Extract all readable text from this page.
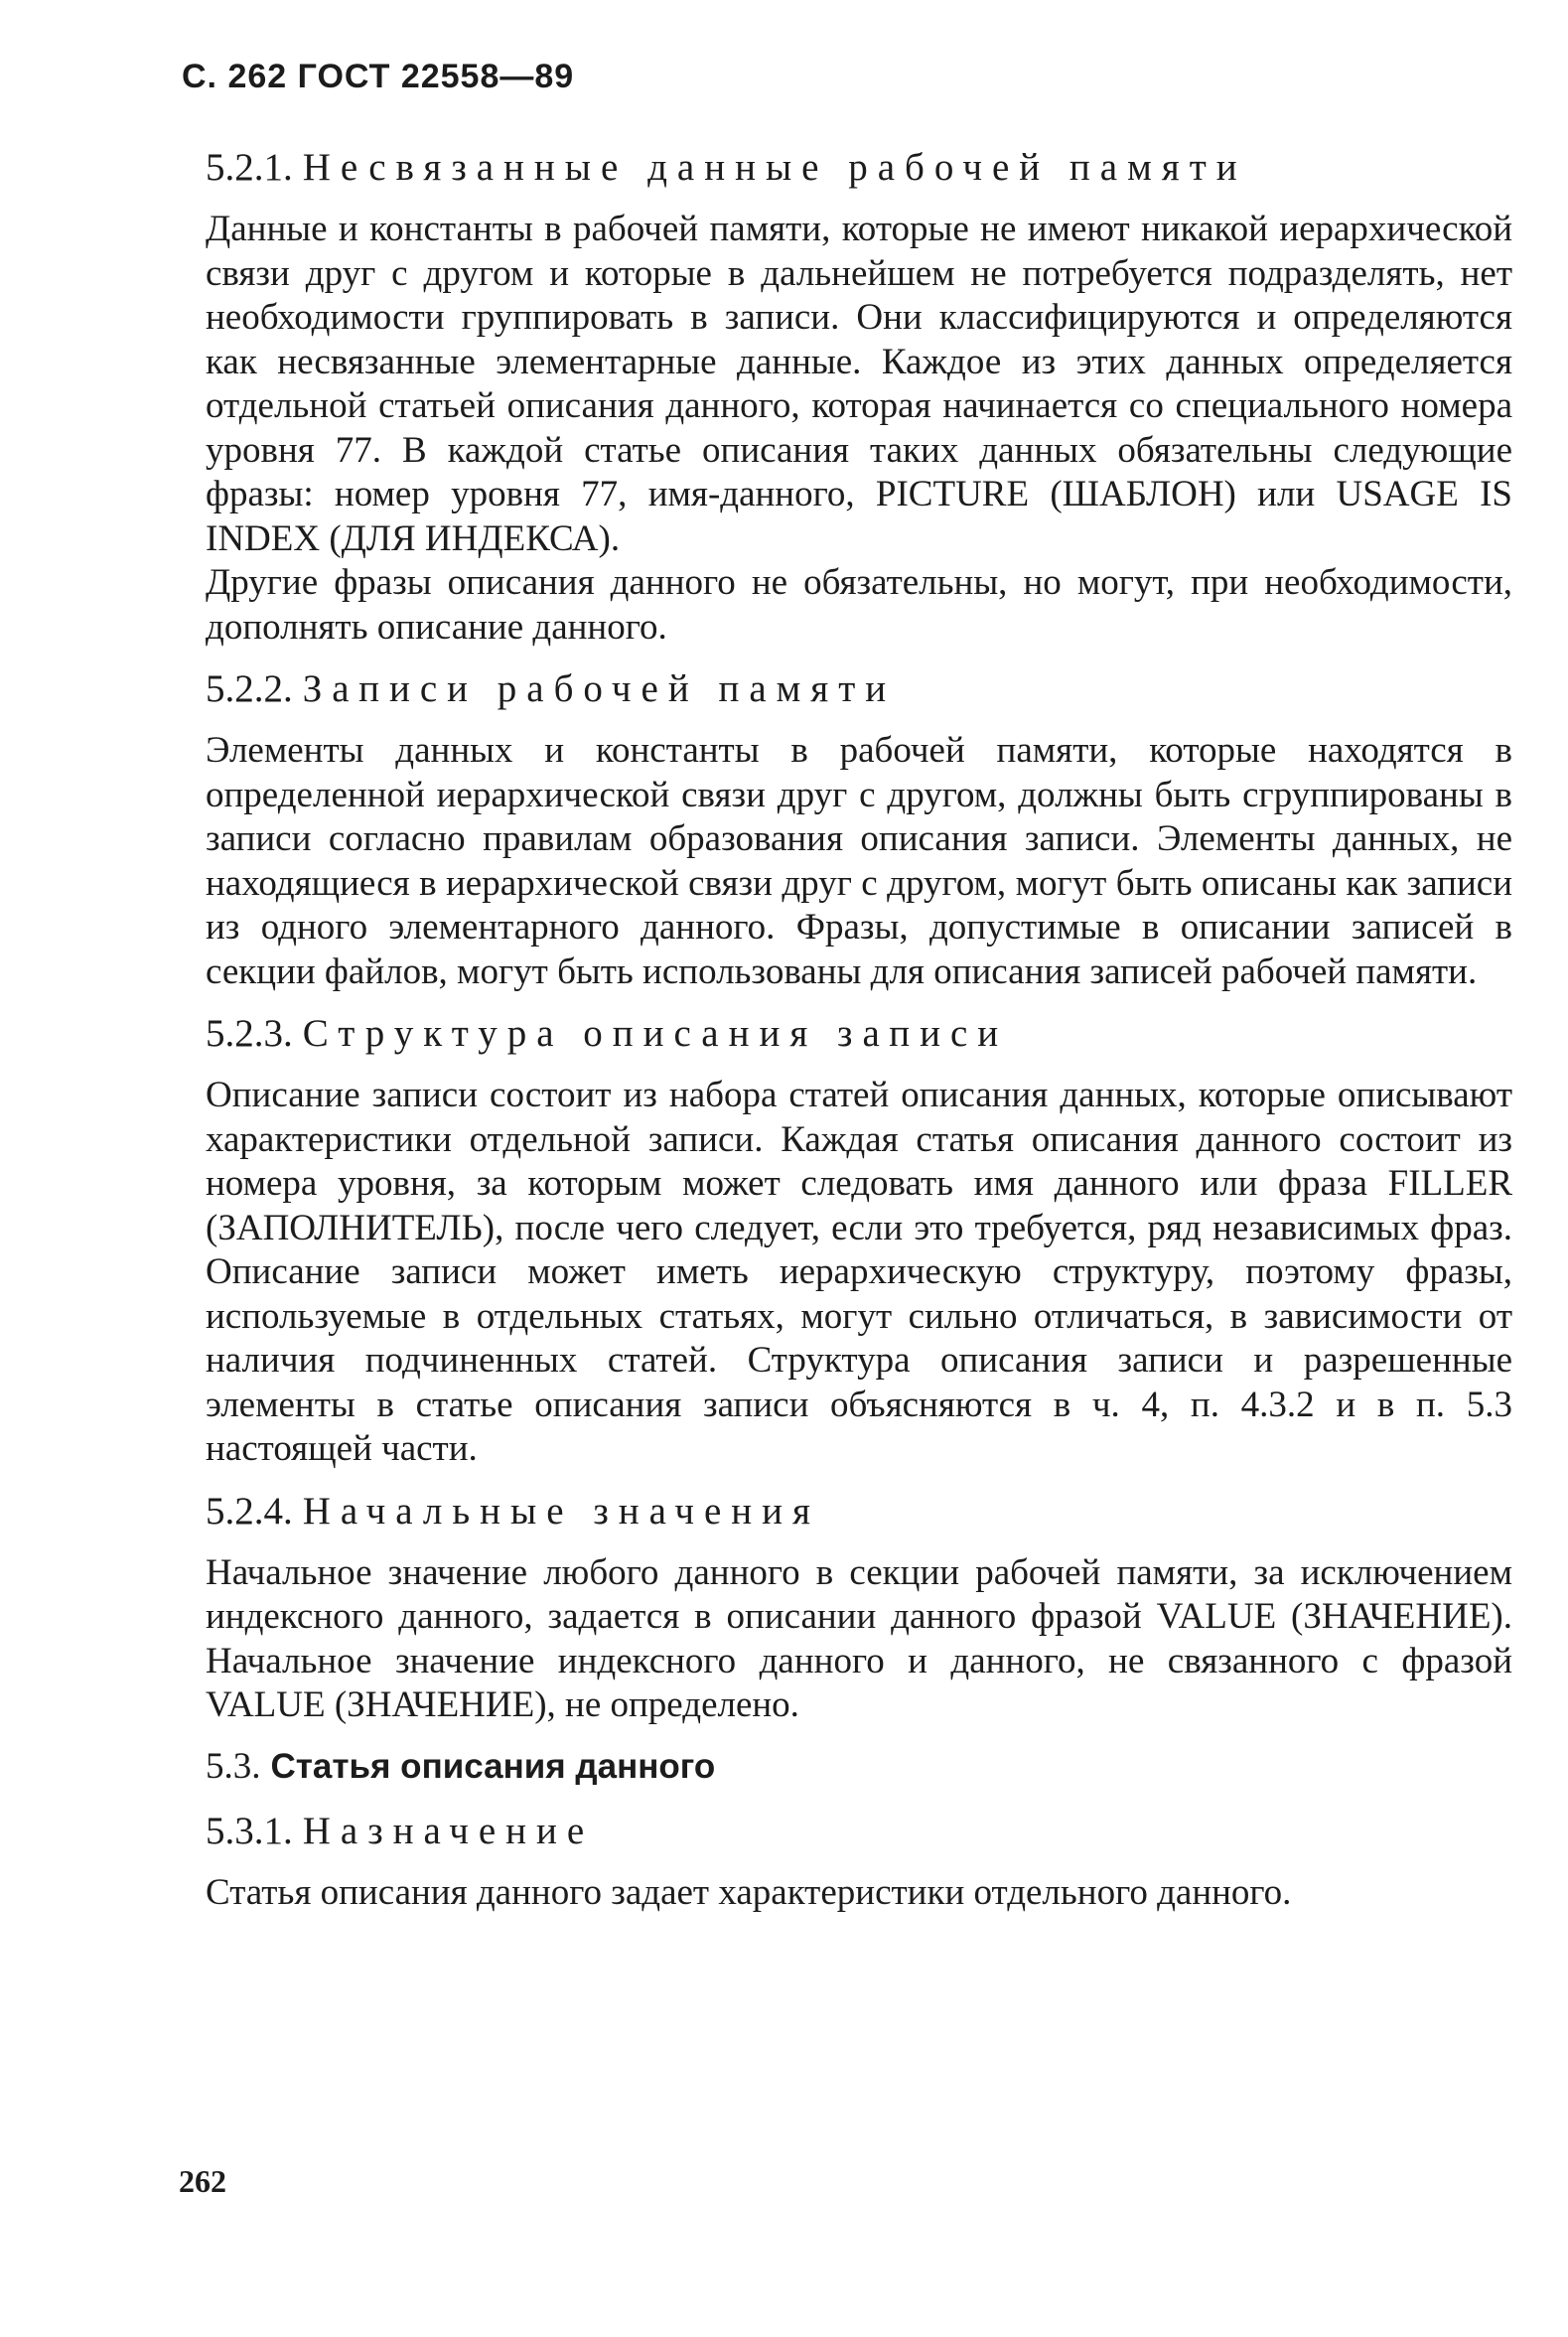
С. 262 ГОСТ 22558—89
5.2.1. Несвязанные данные рабочей памяти

Данные и константы в рабочей памяти, которые не имеют никакой иерархической связи друг с другом и которые в дальнейшем не потребуется подразделять, нет необходимости группировать в записи. Они классифицируются и определяются как несвязанные элементарные данные. Каждое из этих данных определяется отдельной статьей описания данного, которая начинается со специального номера уровня 77. В каждой статье описания таких данных обязательны следующие фразы: номер уровня 77, имя-данного, PICTURE (ШАБЛОН) или USAGE IS INDEX (ДЛЯ ИНДЕКСА).

Другие фразы описания данного не обязательны, но могут, при необходимости, дополнять описание данного.

5.2.2. Записи рабочей памяти

Элементы данных и константы в рабочей памяти, которые находятся в определенной иерархической связи друг с другом, должны быть сгруппированы в записи согласно правилам образования описания записи. Элементы данных, не находящиеся в иерархической связи друг с другом, могут быть описаны как записи из одного элементарного данного. Фразы, допустимые в описании записей в секции файлов, могут быть использованы для описания записей рабочей памяти.

5.2.3. Структура описания записи

Описание записи состоит из набора статей описания данных, которые описывают характеристики отдельной записи. Каждая статья описания данного состоит из номера уровня, за которым может следовать имя данного или фраза FILLER (ЗАПОЛНИТЕЛЬ), после чего следует, если это требуется, ряд независимых фраз. Описание записи может иметь иерархическую структуру, поэтому фразы, используемые в отдельных статьях, могут сильно отличаться, в зависимости от наличия подчиненных статей. Структура описания записи и разрешенные элементы в статье описания записи объясняются в ч. 4, п. 4.3.2 и в п. 5.3 настоящей части.

5.2.4. Начальные значения

Начальное значение любого данного в секции рабочей памяти, за исключением индексного данного, задается в описании данного фразой VALUE (ЗНАЧЕНИЕ). Начальное значение индексного данного и данного, не связанного с фразой VALUE (ЗНАЧЕНИЕ), не определено.

5.3. Статья описания данного
5.3.1. Назначение

Статья описания данного задает характеристики отдельного данного.

262
